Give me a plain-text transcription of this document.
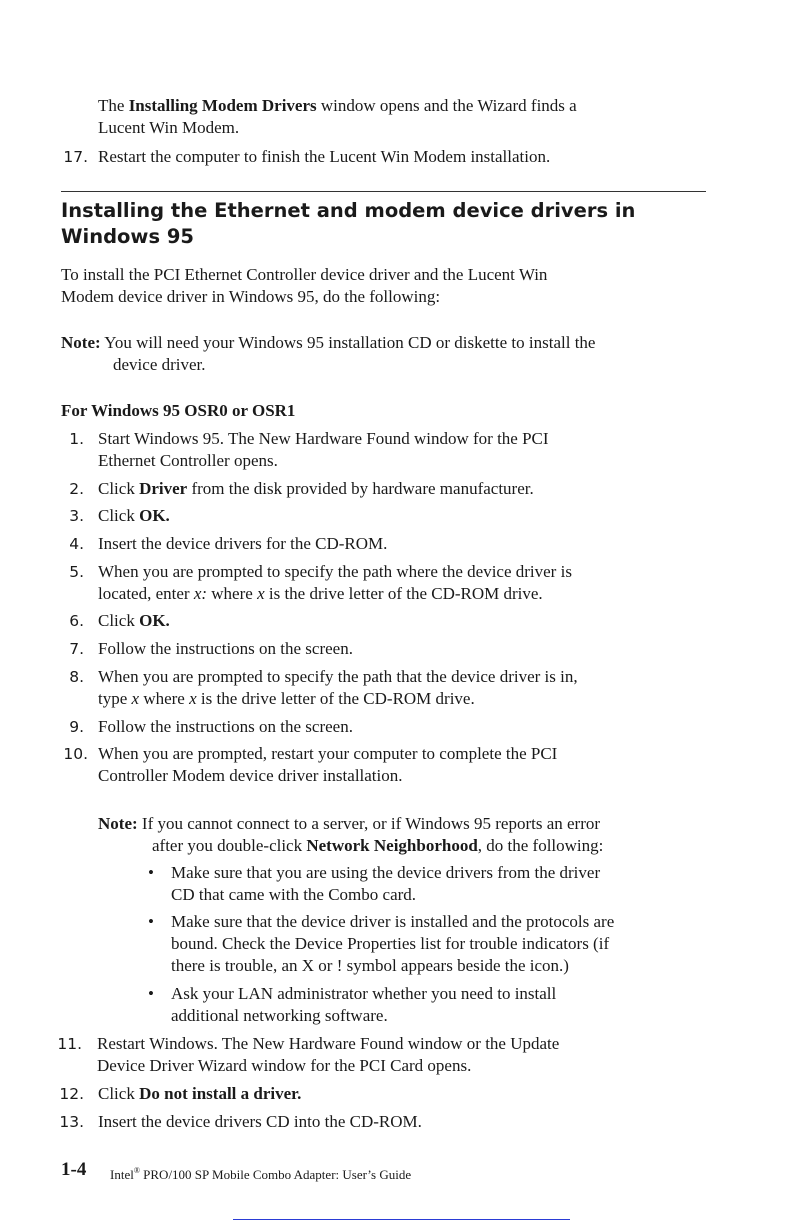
The Installing Modem Drivers window opens and the Wizard finds a
Lucent Win Modem.
17. Restart the computer to finish the Lucent Win Modem installation.
Installing the Ethernet and modem device drivers in
Windows 95
To install the PCI Ethernet Controller device driver and the Lucent Win
Modem device driver in Windows 95, do the following:
Note: You will need your Windows 95 installation CD or diskette to install the
device driver.
For Windows 95 OSR0 or OSR1
1. Start Windows 95. The New Hardware Found window for the PCI
Ethernet Controller opens.
2. Click Driver from the disk provided by hardware manufacturer.
3. Click OK.
4. Insert the device drivers for the CD-ROM.
5. When you are prompted to specify the path where the device driver is
located, enter x: where x is the drive letter of the CD-ROM drive.
6. Click OK.
7. Follow the instructions on the screen.
8. When you are prompted to specify the path that the device driver is in,
type x where x is the drive letter of the CD-ROM drive.
9. Follow the instructions on the screen.
10. When you are prompted, restart your computer to complete the PCI
Controller Modem device driver installation.
Note: If you cannot connect to a server, or if Windows 95 reports an error
after you double-click Network Neighborhood, do the following:
• Make sure that you are using the device drivers from the driver
CD that came with the Combo card.
• Make sure that the device driver is installed and the protocols are
bound. Check the Device Properties list for trouble indicators (if
there is trouble, an X or ! symbol appears beside the icon.)
• Ask your LAN administrator whether you need to install
additional networking software.
11. Restart Windows. The New Hardware Found window or the Update
Device Driver Wizard window for the PCI Card opens.
12. Click Do not install a driver.
13. Insert the device drivers CD into the CD-ROM.
1-4 Intel® PRO/100 SP Mobile Combo Adapter: User’s Guide
